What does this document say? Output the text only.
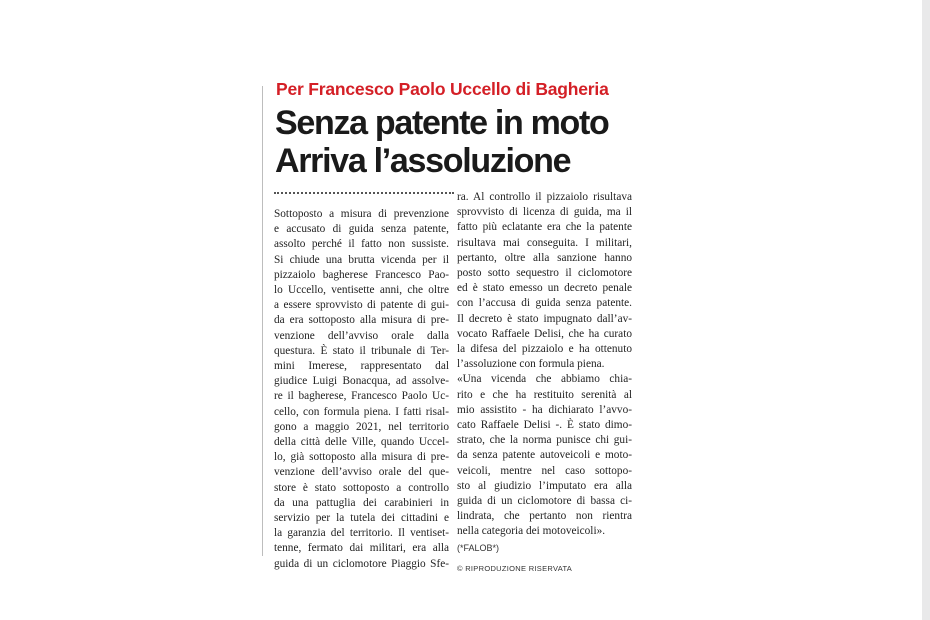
Per Francesco Paolo Uccello di Bagheria
Senza patente in moto
Arriva l’assoluzione

Sottoposto a misura di prevenzione
e accusato di guida senza patente,
assolto perché il fatto non sussiste.
Si chiude una brutta vicenda per il
pizzaiolo bagherese Francesco Pao-
lo Uccello, ventisette anni, che oltre
a essere sprovvisto di patente di gui-
da era sottoposto alla misura di pre-
venzione dell’avviso orale dalla
questura. È stato il tribunale di Ter-
mini Imerese, rappresentato dal
giudice Luigi Bonacqua, ad assolve-
re il bagherese, Francesco Paolo Uc-
cello, con formula piena. I fatti risal-
gono a maggio 2021, nel territorio
della città delle Ville, quando Uccel-
lo, già sottoposto alla misura di pre-
venzione dell’avviso orale del que-
store è stato sottoposto a controllo
da una pattuglia dei carabinieri in
servizio per la tutela dei cittadini e
la garanzia del territorio. Il ventiset-
tenne, fermato dai militari, era alla
guida di un ciclomotore Piaggio Sfe-

ra. Al controllo il pizzaiolo risultava
sprovvisto di licenza di guida, ma il
fatto più eclatante era che la patente
risultava mai conseguita. I militari,
pertanto, oltre alla sanzione hanno
posto sotto sequestro il ciclomotore
ed è stato emesso un decreto penale
con l’accusa di guida senza patente.
Il decreto è stato impugnato dall’av-
vocato Raffaele Delisi, che ha curato
la difesa del pizzaiolo e ha ottenuto
l’assoluzione con formula piena.

«Una vicenda che abbiamo chia-
rito e che ha restituito serenità al
mio assistito - ha dichiarato l’avvo-
cato Raffaele Delisi -. È stato dimo-
strato, che la norma punisce chi gui-
da senza patente autoveicoli e moto-
veicoli, mentre nel caso sottopo-
sto al giudizio l’imputato era alla
guida di un ciclomotore di bassa ci-
lindrata, che pertanto non rientra
nella categoria dei motoveicoli».

(*FALOB*)
© RIPRODUZIONE RISERVATA
